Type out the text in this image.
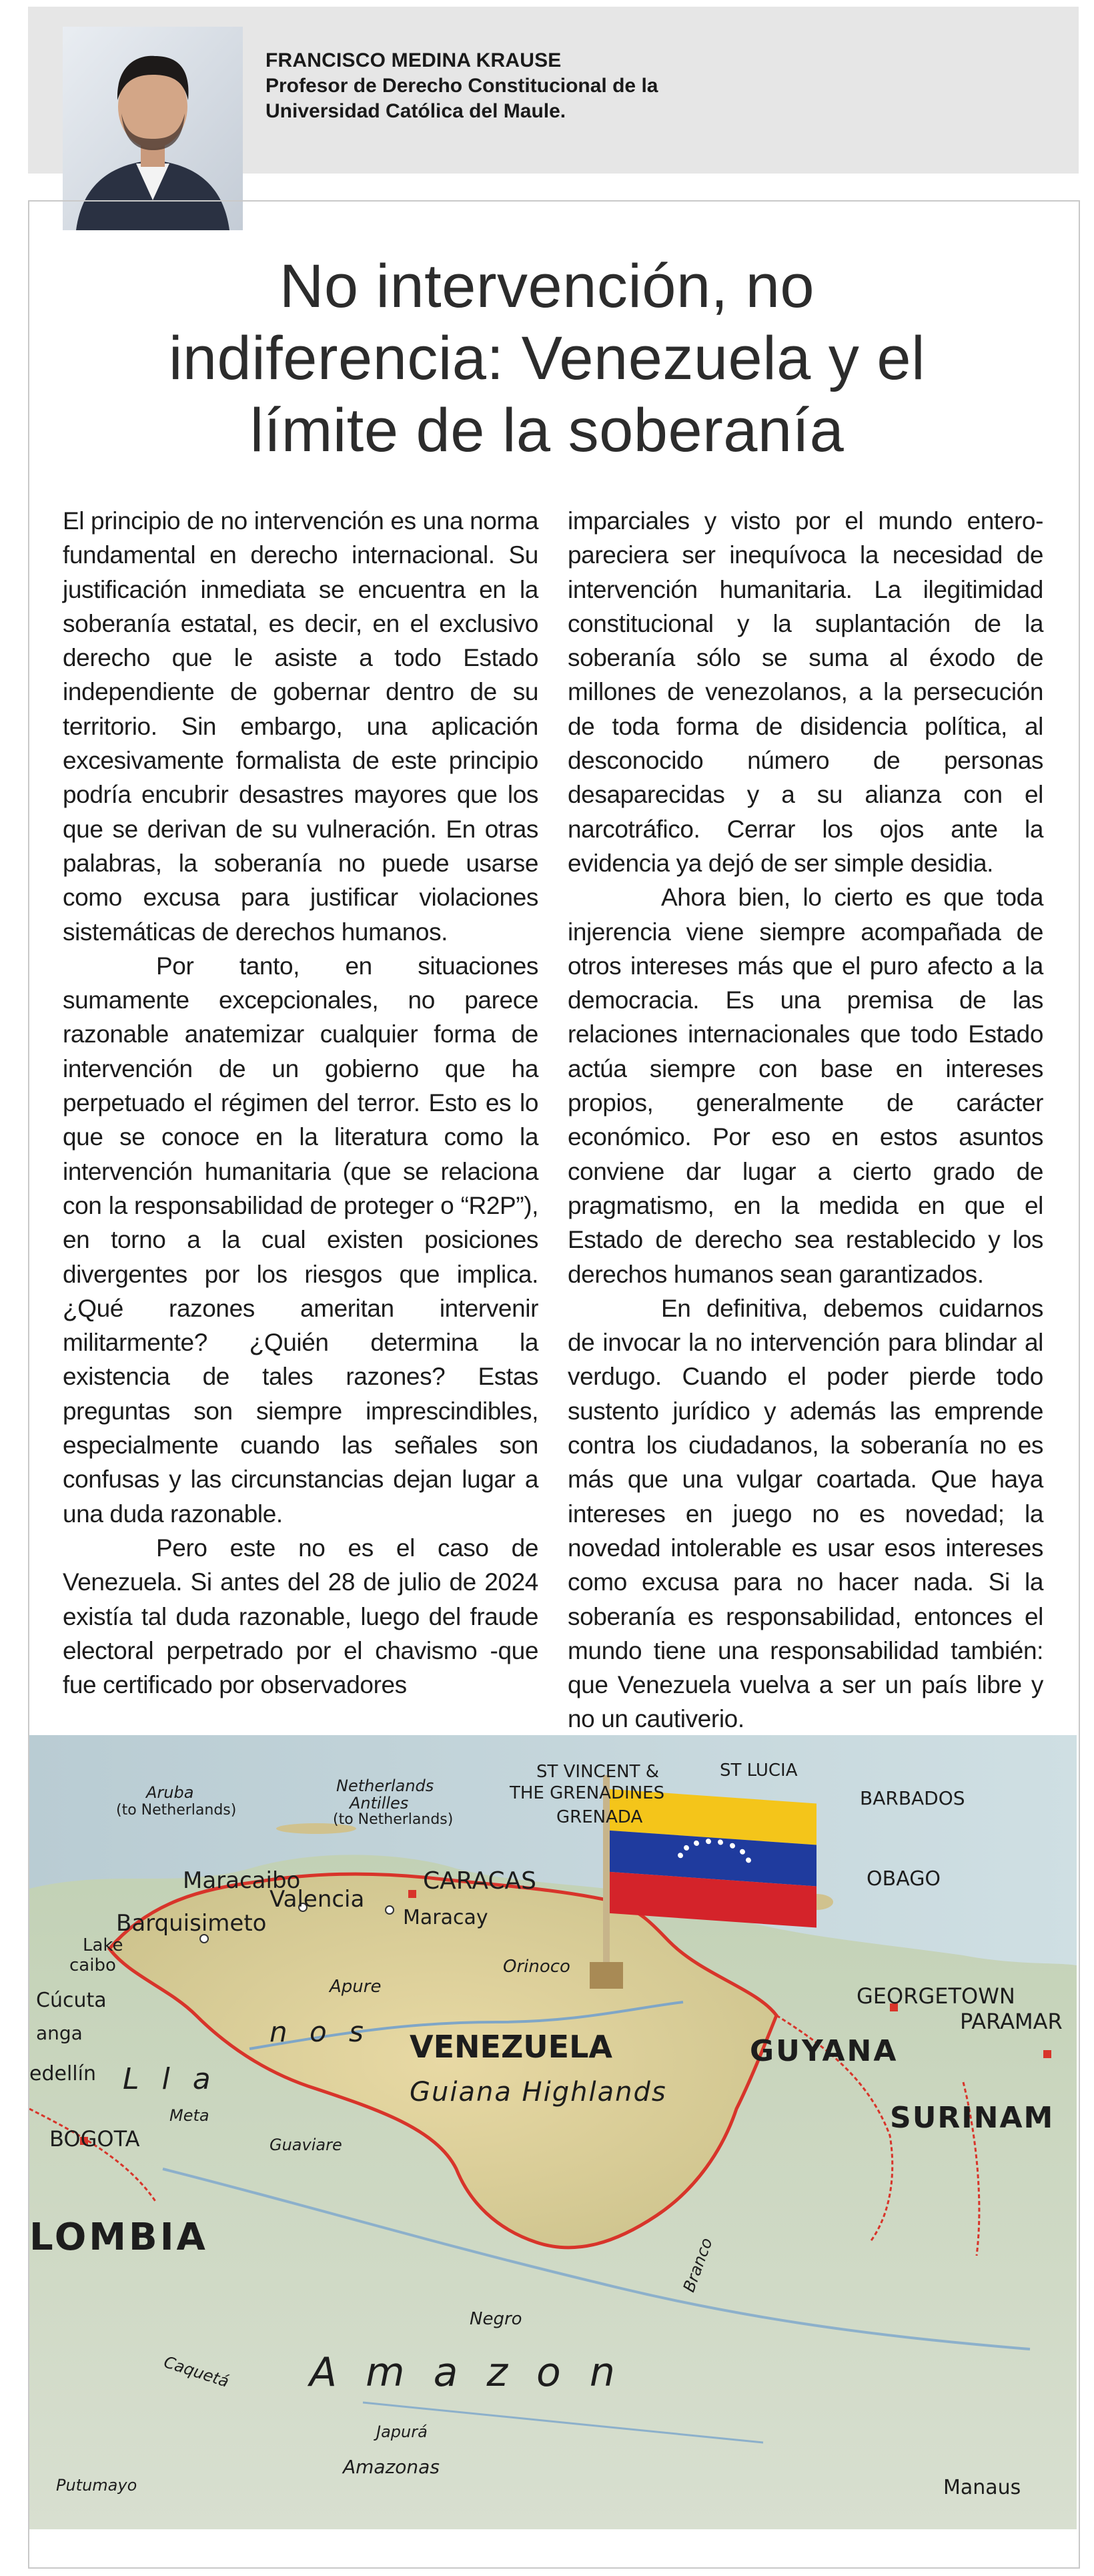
FRANCISCO MEDINA KRAUSE
Profesor de Derecho Constitucional de la
Universidad Católica del Maule.
No intervención, no
indiferencia: Venezuela y el
límite de la soberanía

El principio de no intervención es una norma fundamental en derecho internacional. Su justificación inmediata se encuentra en la soberanía estatal, es decir, en el exclusivo derecho que le asiste a todo Estado independiente de gobernar dentro de su territorio. Sin embargo, una aplicación excesivamente formalista de este principio podría encubrir desastres mayores que los que se derivan de su vulneración. En otras palabras, la soberanía no puede usarse como excusa para justificar violaciones sistemáticas de derechos humanos.

Por tanto, en situaciones sumamente excepcionales, no parece razonable anatemizar cualquier forma de intervención de un gobierno que ha perpetuado el régimen del terror. Esto es lo que se conoce en la literatura como la intervención humanitaria (que se relaciona con la responsabilidad de proteger o “R2P”), en torno a la cual existen posiciones divergentes por los riesgos que implica. ¿Qué razones ameritan intervenir militarmente? ¿Quién determina la existencia de tales razones? Estas preguntas son siempre imprescindibles, especialmente cuando las señales son confusas y las circunstancias dejan lugar a una duda razonable.

Pero este no es el caso de Venezuela. Si antes del 28 de julio de 2024 existía tal duda razonable, luego del fraude electoral perpetrado por el chavismo -que fue certificado por observadores

imparciales y visto por el mundo entero- pareciera ser inequívoca la necesidad de intervención humanitaria. La ilegitimidad constitucional y la suplantación de la soberanía sólo se suma al éxodo de millones de venezolanos, a la persecución de toda forma de disidencia política, al desconocido número de personas desaparecidas y a su alianza con el narcotráfico. Cerrar los ojos ante la evidencia ya dejó de ser simple desidia.

Ahora bien, lo cierto es que toda injerencia viene siempre acompañada de otros intereses más que el puro afecto a la democracia. Es una premisa de las relaciones internacionales que todo Estado actúa siempre con base en intereses propios, generalmente de carácter económico. Por eso en estos asuntos conviene dar lugar a cierto grado de pragmatismo, en la medida en que el Estado de derecho sea restablecido y los derechos humanos sean garantizados.

En definitiva, debemos cuidarnos de invocar la no intervención para blindar al verdugo. Cuando el poder pierde todo sustento jurídico y además las emprende contra los ciudadanos, la soberanía no es más que una vulgar coartada. Que haya intereses en juego no es novedad; la novedad intolerable es usar esos intereses como excusa para no hacer nada. Si la soberanía es responsabilidad, entonces el mundo tiene una responsabilidad también: que Venezuela vuelva a ser un país libre y no un cautiverio.

Aruba
(to Netherlands)
Netherlands
Antilles
(to Netherlands)
ST VINCENT &
THE GRENADINES
GRENADA
ST LUCIA
BARBADOS
Maracaibo
Valencia
CARACAS
Maracay
Barquisimeto
Lake
caibo
Cúcuta
Apure
Orinoco
OBAGO
GEORGETOWN
PARAMAR
VENEZUELA	GUYANA
L l a
n o s
Meta
anga
edellín
Guiana Highlands
SURINAM
BOGOTA	Guaviare
LOMBIA
A m a z o n
Negro
Branco
Japurá
Caquetá
Amazonas
Putumayo	Manaus
